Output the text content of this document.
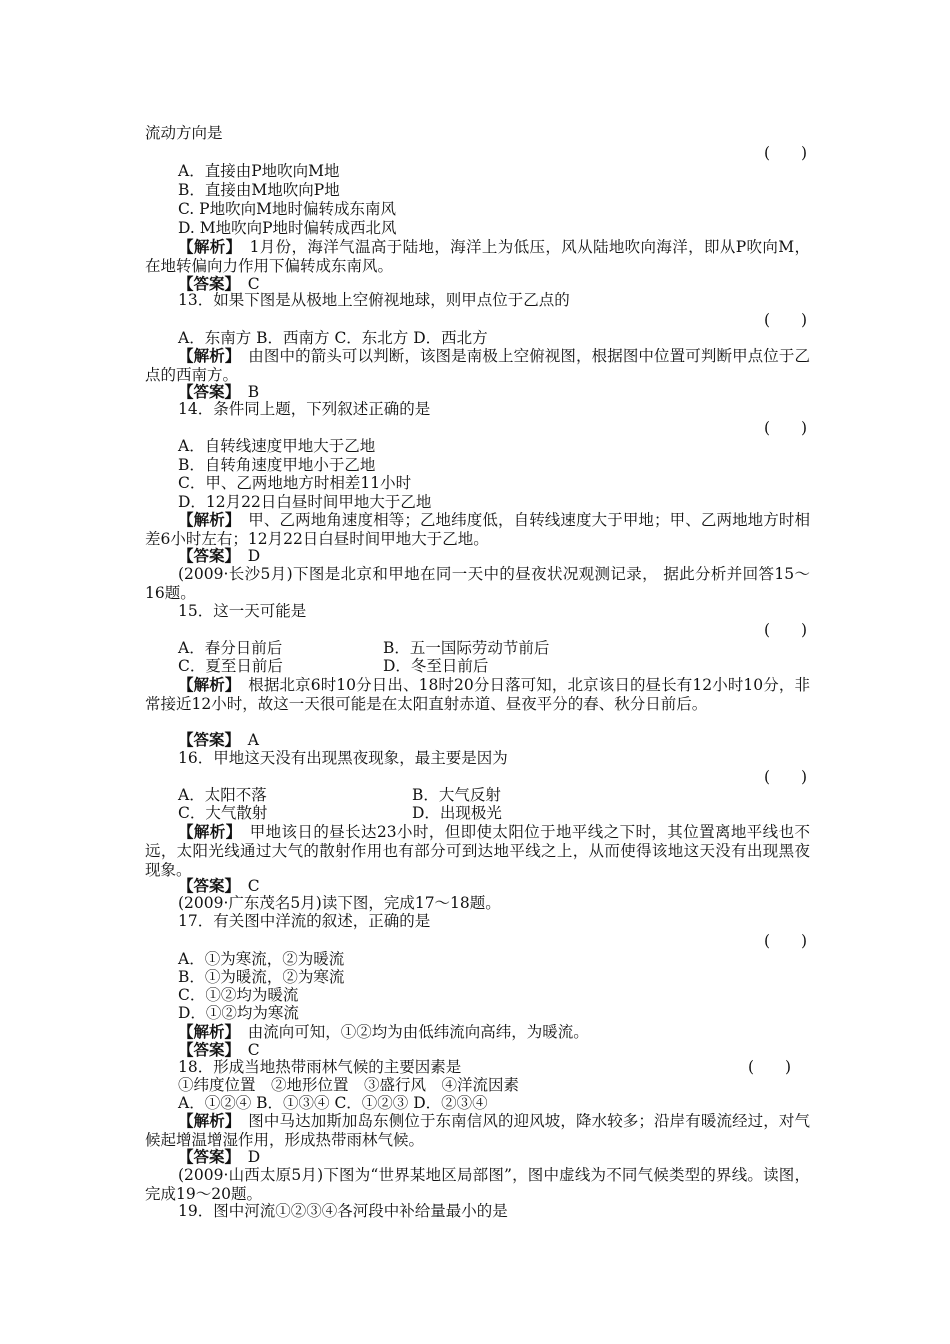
流动方向是
(　　)
A．直接由P地吹向M地
B．直接由M地吹向P地
C. P地吹向M地时偏转成东南风
D. M地吹向P地时偏转成西北风
【解析】　1月份，海洋气温高于陆地，海洋上为低压，风从陆地吹向海洋，即从P吹向M，在地转偏向力作用下偏转成东南风。
【答案】　C
13．如果下图是从极地上空俯视地球，则甲点位于乙点的
(　　)
A．东南方 B．西南方 C．东北方 D．西北方
【解析】　由图中的箭头可以判断，该图是南极上空俯视图，根据图中位置可判断甲点位于乙点的西南方。
【答案】　B
14．条件同上题，下列叙述正确的是
(　　)
A．自转线速度甲地大于乙地
B．自转角速度甲地小于乙地
C．甲、乙两地地方时相差11小时
D．12月22日白昼时间甲地大于乙地
【解析】　甲、乙两地角速度相等；乙地纬度低，自转线速度大于甲地；甲、乙两地地方时相差6小时左右；12月22日白昼时间甲地大于乙地。
【答案】　D
(2009·长沙5月)下图是北京和甲地在同一天中的昼夜状况观测记录， 据此分析并回答15～16题。
15．这一天可能是
(　　)
A．春分日前后	B．五一国际劳动节前后
C．夏至日前后	D．冬至日前后
【解析】　根据北京6时10分日出、18时20分日落可知，北京该日的昼长有12小时10分，非常接近12小时，故这一天很可能是在太阳直射赤道、昼夜平分的春、秋分日前后。
【答案】　A
16．甲地这天没有出现黑夜现象，最主要是因为
(　　)
A．太阳不落	B．大气反射
C．大气散射	D．出现极光
【解析】　甲地该日的昼长达23小时，但即使太阳位于地平线之下时，其位置离地平线也不远，太阳光线通过大气的散射作用也有部分可到达地平线之上，从而使得该地这天没有出现黑夜现象。
【答案】　C
(2009·广东茂名5月)读下图，完成17～18题。
17．有关图中洋流的叙述，正确的是
(　　)
A．①为寒流，②为暖流
B．①为暖流，②为寒流
C．①②均为暖流
D．①②均为寒流
【解析】　由流向可知，①②均为由低纬流向高纬，为暖流。
【答案】　C
18．形成当地热带雨林气候的主要因素是	(　　)
①纬度位置　②地形位置　③盛行风　④洋流因素
A．①②④ B．①③④ C．①②③ D．②③④
【解析】　图中马达加斯加岛东侧位于东南信风的迎风坡，降水较多；沿岸有暖流经过，对气候起增温增湿作用，形成热带雨林气候。
【答案】　D
(2009·山西太原5月)下图为“世界某地区局部图”，图中虚线为不同气候类型的界线。读图，完成19～20题。
19．图中河流①②③④各河段中补给量最小的是
